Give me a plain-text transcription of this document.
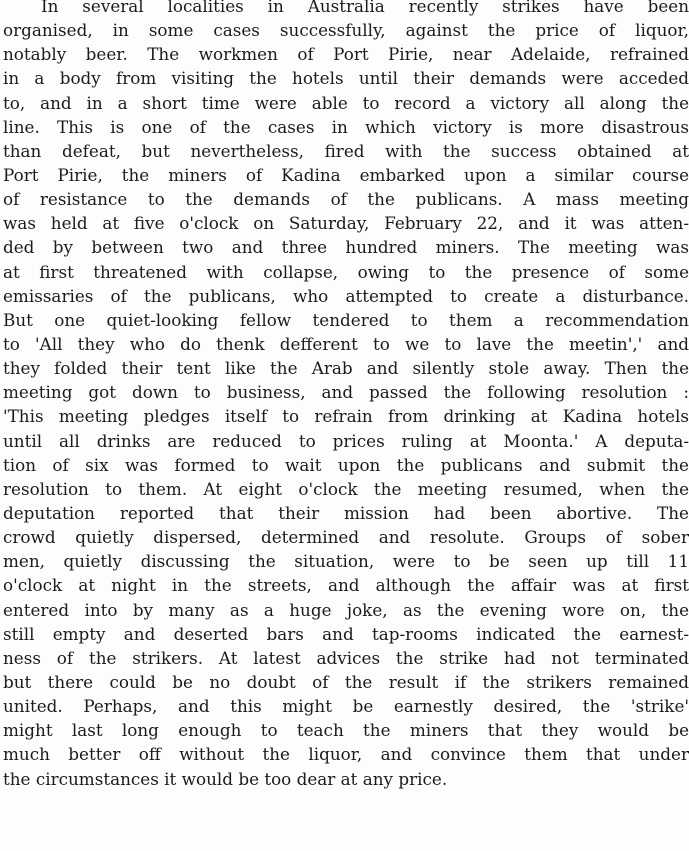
In several localities in Australia recently strikes have been
organised, in some cases successfully, against the price of liquor,
notably beer. The workmen of Port Pirie, near Adelaide, refrained
in a body from visiting the hotels until their demands were acceded
to, and in a short time were able to record a victory all along the
line. This is one of the cases in which victory is more disastrous
than defeat, but nevertheless, fired with the success obtained at
Port Pirie, the miners of Kadina embarked upon a similar course
of resistance to the demands of the publicans. A mass meeting
was held at five o'clock on Saturday, February 22, and it was atten-
ded by between two and three hundred miners. The meeting was
at first threatened with collapse, owing to the presence of some
emissaries of the publicans, who attempted to create a disturbance.
But one quiet-looking fellow tendered to them a recommendation
to 'All they who do thenk defferent to we to lave the meetin',' and
they folded their tent like the Arab and silently stole away. Then the
meeting got down to business, and passed the following resolution :
'This meeting pledges itself to refrain from drinking at Kadina hotels
until all drinks are reduced to prices ruling at Moonta.' A deputa-
tion of six was formed to wait upon the publicans and submit the
resolution to them. At eight o'clock the meeting resumed, when the
deputation reported that their mission had been abortive. The
crowd quietly dispersed, determined and resolute. Groups of sober
men, quietly discussing the situation, were to be seen up till 11
o'clock at night in the streets, and although the affair was at first
entered into by many as a huge joke, as the evening wore on, the
still empty and deserted bars and tap-rooms indicated the earnest-
ness of the strikers. At latest advices the strike had not terminated
but there could be no doubt of the result if the strikers remained
united. Perhaps, and this might be earnestly desired, the 'strike'
might last long enough to teach the miners that they would be
much better off without the liquor, and convince them that under
the circumstances it would be too dear at any price.
